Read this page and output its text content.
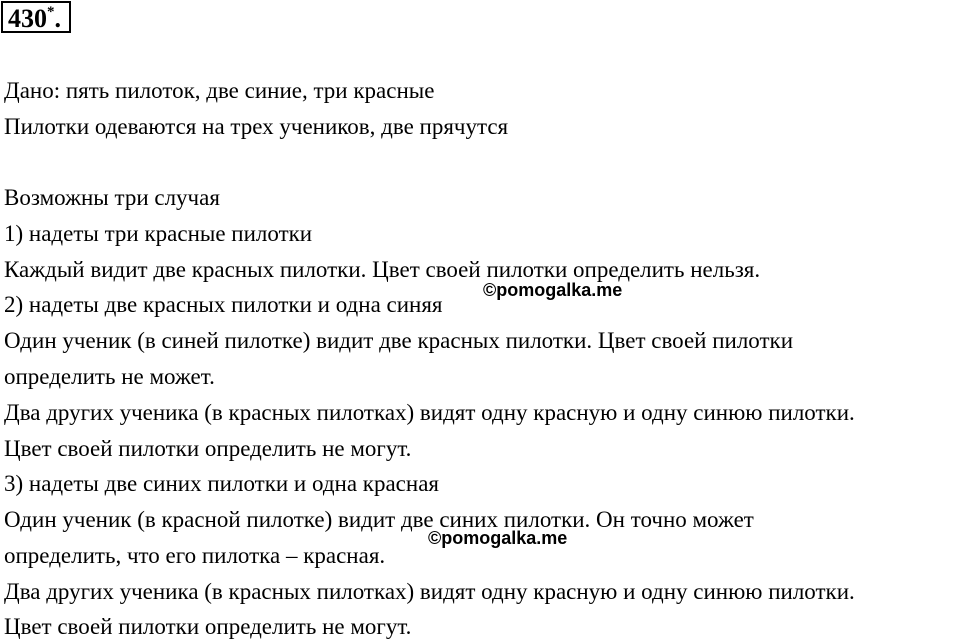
430*.
Дано: пять пилоток, две синие, три красные
Пилотки одеваются на трех учеников, две прячутся
Возможны три случая
1) надеты три красные пилотки
Каждый видит две красных пилотки. Цвет своей пилотки определить нельзя.
2) надеты две красных пилотки и одна синяя
Один ученик (в синей пилотке) видит две красных пилотки. Цвет своей пилотки
определить не может.
Два других ученика (в красных пилотках) видят одну красную и одну синюю пилотки.
Цвет своей пилотки определить не могут.
3) надеты две синих пилотки и одна красная
Один ученик (в красной пилотке) видит две синих пилотки. Он точно может
определить, что его пилотка – красная.
Два других ученика (в красных пилотках) видят одну красную и одну синюю пилотки.
Цвет своей пилотки определить не могут.
©pomogalka.me
©pomogalka.me
